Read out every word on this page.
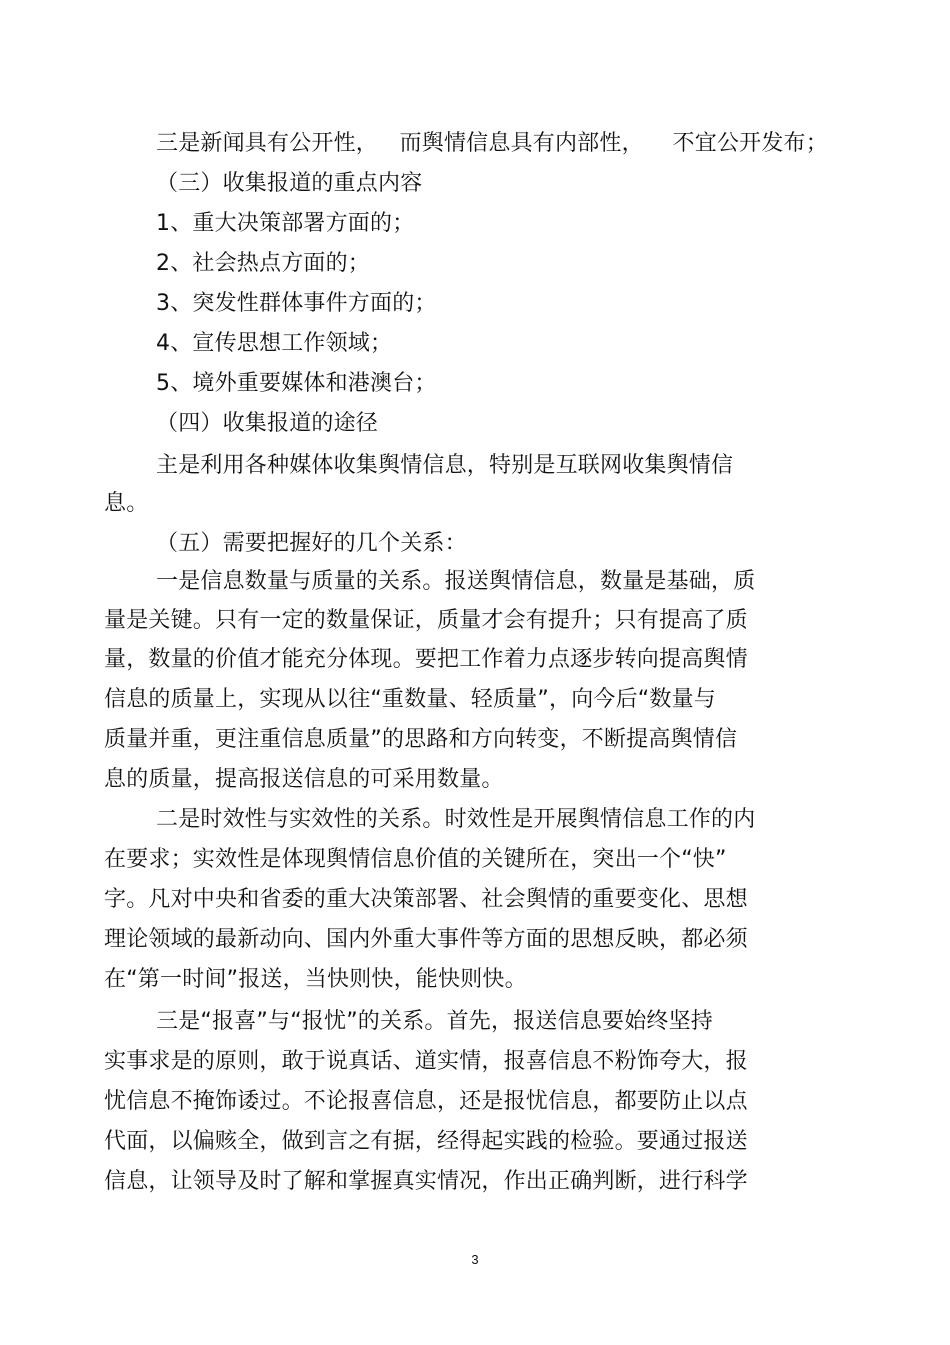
三是新闻具有公开性，   而舆情信息具有内部性，    不宜公开发布；
（三）收集报道的重点内容
1、重大决策部署方面的；
2、社会热点方面的；
3、突发性群体事件方面的；
4、宣传思想工作领域；
5、境外重要媒体和港澳台；
（四）收集报道的途径
主是利用各种媒体收集舆情信息，特别是互联网收集舆情信
息。
（五）需要把握好的几个关系：
一是信息数量与质量的关系。报送舆情信息，数量是基础，质
量是关键。只有一定的数量保证，质量才会有提升；只有提高了质
量，数量的价值才能充分体现。要把工作着力点逐步转向提高舆情
信息的质量上，实现从以往“重数量、轻质量”，向今后“数量与
质量并重，更注重信息质量”的思路和方向转变，不断提高舆情信
息的质量，提高报送信息的可采用数量。
二是时效性与实效性的关系。时效性是开展舆情信息工作的内
在要求；实效性是体现舆情信息价值的关键所在，突出一个“快”
字。凡对中央和省委的重大决策部署、社会舆情的重要变化、思想
理论领域的最新动向、国内外重大事件等方面的思想反映，都必须
在“第一时间”报送，当快则快，能快则快。
三是“报喜”与“报忧”的关系。首先，报送信息要始终坚持
实事求是的原则，敢于说真话、道实情，报喜信息不粉饰夸大，报
忧信息不掩饰诿过。不论报喜信息，还是报忧信息，都要防止以点
代面，以偏赅全，做到言之有据，经得起实践的检验。要通过报送
信息，让领导及时了解和掌握真实情况，作出正确判断，进行科学
3
